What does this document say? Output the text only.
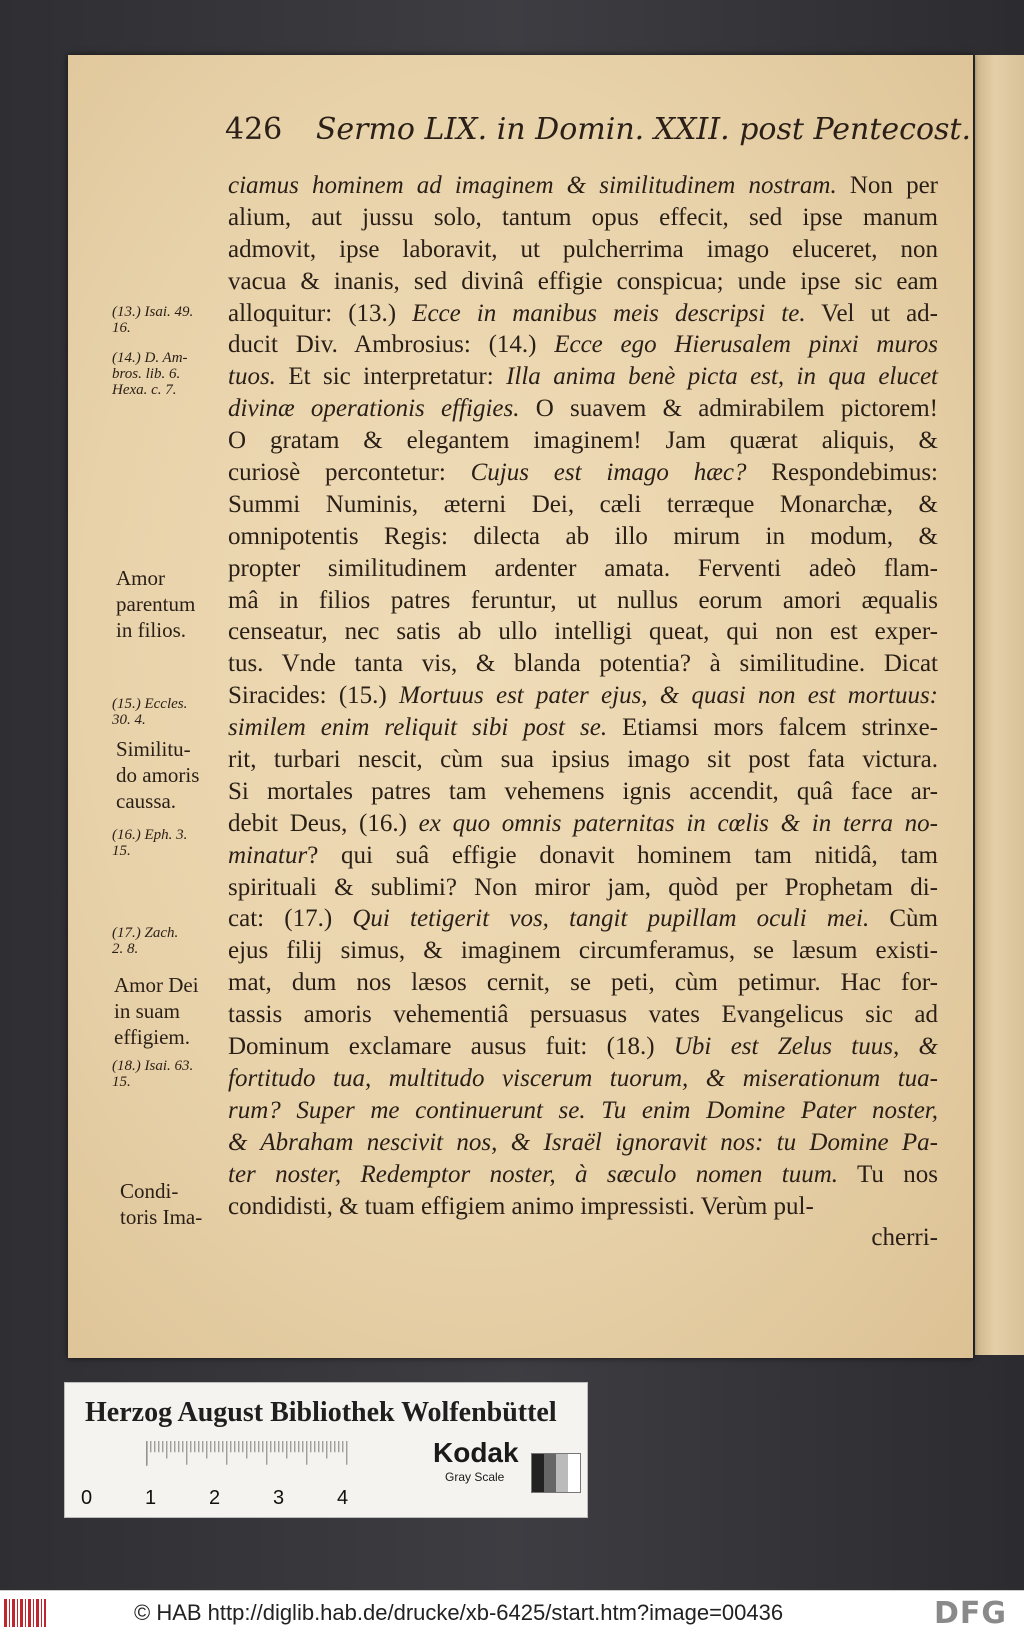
426 Sermo LIX. in Domin. XXII. post Pentecost.
ciamus hominem ad imaginem & similitudinem nostram. Non per
alium, aut jussu solo, tantum opus effecit, sed ipse manum
admovit, ipse laboravit, ut pulcherrima imago eluceret, non
vacua & inanis, sed divinâ effigie conspicua; unde ipse sic eam
alloquitur: (13.) Ecce in manibus meis descripsi te. Vel ut ad-
ducit Div. Ambrosius: (14.) Ecce ego Hierusalem pinxi muros
tuos. Et sic interpretatur: Illa anima benè picta est, in qua elucet
divinæ operationis effigies. O suavem & admirabilem pictorem!
O gratam & elegantem imaginem! Jam quærat aliquis, &
curiosè percontetur: Cujus est imago hæc? Respondebimus:
Summi Numinis, æterni Dei, cæli terræque Monarchæ, &
omnipotentis Regis: dilecta ab illo mirum in modum, &
propter similitudinem ardenter amata. Ferventi adeò flam-
mâ in filios patres feruntur, ut nullus eorum amori æqualis
censeatur, nec satis ab ullo intelligi queat, qui non est exper-
tus. Vnde tanta vis, & blanda potentia? à similitudine. Dicat
Siracides: (15.) Mortuus est pater ejus, & quasi non est mortuus:
similem enim reliquit sibi post se. Etiamsi mors falcem strinxe-
rit, turbari nescit, cùm sua ipsius imago sit post fata victura.
Si mortales patres tam vehemens ignis accendit, quâ face ar-
debit Deus, (16.) ex quo omnis paternitas in cœlis & in terra no-
minatur? qui suâ effigie donavit hominem tam nitidâ, tam
spirituali & sublimi? Non miror jam, quòd per Prophetam di-
cat: (17.) Qui tetigerit vos, tangit pupillam oculi mei. Cùm
ejus filij simus, & imaginem circumferamus, se læsum existi-
mat, dum nos læsos cernit, se peti, cùm petimur. Hac for-
tassis amoris vehementiâ persuasus vates Evangelicus sic ad
Dominum exclamare ausus fuit: (18.) Ubi est Zelus tuus, &
fortitudo tua, multitudo viscerum tuorum, & miserationum tua-
rum? Super me continuerunt se. Tu enim Domine Pater noster,
& Abraham nescivit nos, & Israël ignoravit nos: tu Domine Pa-
ter noster, Redemptor noster, à sæculo nomen tuum. Tu nos
condidisti, & tuam effigiem animo impressisti. Verùm pul-
cherri-
(13.) Isai. 49.
16.
(14.) D. Am-
bros. lib. 6.
Hexa. c. 7.
Amor
parentum
in filios.
(15.) Eccles.
30. 4.
Similitu-
do amoris
caussa.
(16.) Eph. 3.
15.
(17.) Zach.
2. 8.
Amor Dei
in suam
effigiem.
(18.) Isai. 63.
15.
Condi-
toris Ima-
Herzog August Bibliothek Wolfenbüttel
0	1	2	3	4
Kodak
Gray Scale
© HAB http://diglib.hab.de/drucke/xb-6425/start.htm?image=00436	DFG
